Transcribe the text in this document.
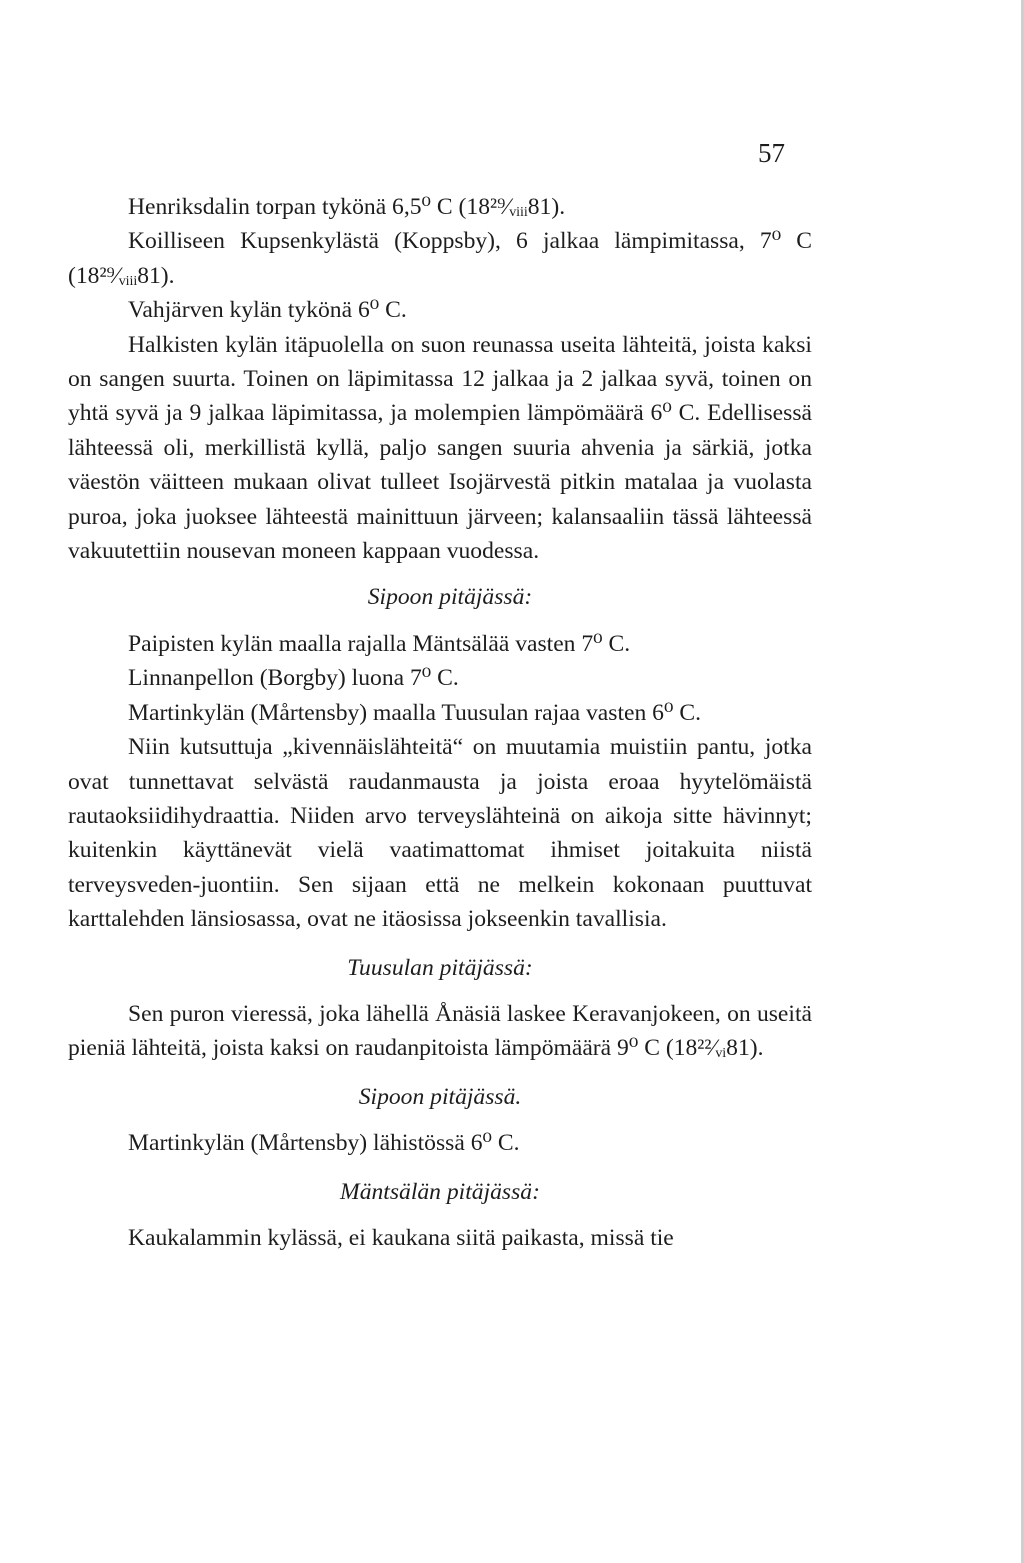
57

Henriksdalin torpan tykönä 6,5⁰ C (18²⁹⁄ᵥᵢᵢᵢ81).

Koilliseen Kupsenkylästä (Koppsby), 6 jalkaa lämpimitassa, 7⁰ C (18²⁹⁄ᵥᵢᵢᵢ81).

Vahjärven kylän tykönä 6⁰ C.

Halkisten kylän itäpuolella on suon reunassa useita lähteitä, joista kaksi on sangen suurta. Toinen on läpimitassa 12 jalkaa ja 2 jalkaa syvä, toinen on yhtä syvä ja 9 jalkaa läpimitassa, ja molempien lämpömäärä 6⁰ C. Edellisessä lähteessä oli, merkillistä kyllä, paljo sangen suuria ahvenia ja särkiä, jotka väestön väitteen mukaan olivat tulleet Isojärvestä pitkin matalaa ja vuolasta puroa, joka juoksee lähteestä mainittuun järveen; kalansaaliin tässä lähteessä vakuutettiin nousevan moneen kappaan vuodessa.

Sipoon pitäjässä:

Paipisten kylän maalla rajalla Mäntsälää vasten 7⁰ C.

Linnanpellon (Borgby) luona 7⁰ C.

Martinkylän (Mårtensby) maalla Tuusulan rajaa vasten 6⁰ C.

Niin kutsuttuja „kivennäislähteitä“ on muutamia muistiin pantu, jotka ovat tunnettavat selvästä raudanmausta ja joista eroaa hyytelömäistä rautaoksiidihydraattia. Niiden arvo terveyslähteinä on aikoja sitte hävinnyt; kuitenkin käyttänevät vielä vaatimattomat ihmiset joitakuita niistä terveysveden-juontiin. Sen sijaan että ne melkein kokonaan puuttuvat karttalehden länsiosassa, ovat ne itäosissa jokseenkin tavallisia.

Tuusulan pitäjässä:

Sen puron vieressä, joka lähellä Ånäsiä laskee Keravanjokeen, on useitä pieniä lähteitä, joista kaksi on raudanpitoista lämpömäärä 9⁰ C (18²²⁄ᵥᵢ81).

Sipoon pitäjässä.

Martinkylän (Mårtensby) lähistössä 6⁰ C.

Mäntsälän pitäjässä:

Kaukalammin kylässä, ei kaukana siitä paikasta, missä tie
